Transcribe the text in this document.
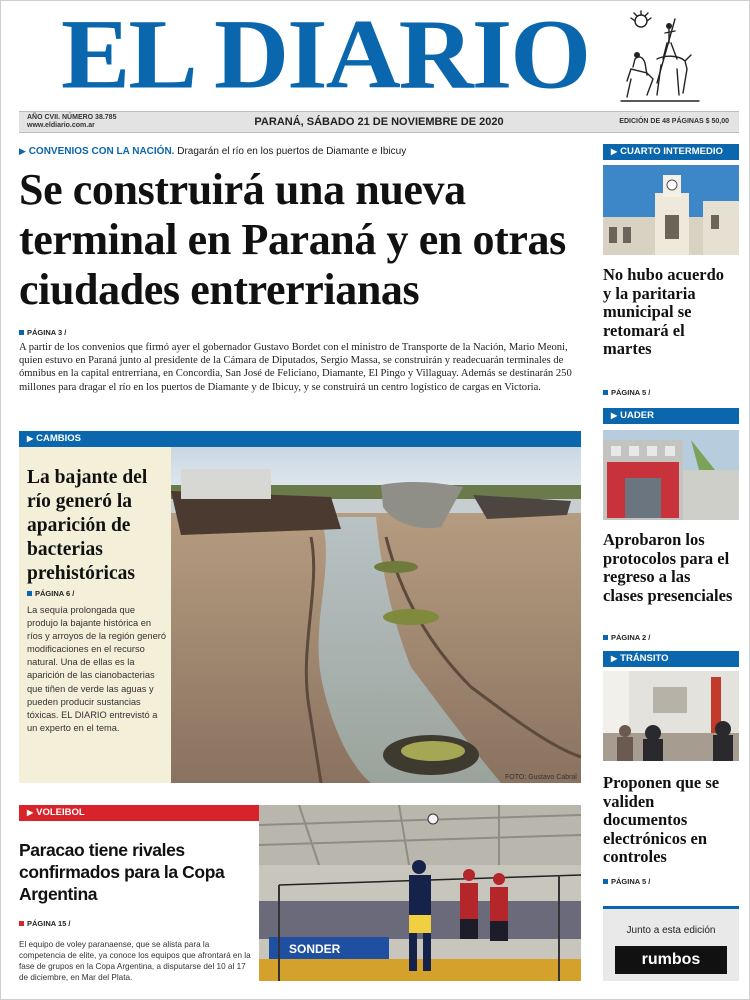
EL DIARIO
AÑO CVII. NÚMERO 38.785
www.eldiario.com.ar	PARANÁ, SÁBADO 21 DE NOVIEMBRE DE 2020	EDICIÓN DE 48 PÁGINAS $ 50,00
▶ CONVENIOS CON LA NACIÓN. Dragarán el río en los puertos de Diamante e Ibicuy
Se construirá una nueva terminal en Paraná y en otras ciudades entrerrianas
PÁGINA 3 /

A partir de los convenios que firmó ayer el gobernador Gustavo Bordet con el ministro de Transporte de la Nación, Mario Meoni, quien estuvo en Paraná junto al presidente de la Cámara de Diputados, Sergio Massa, se construirán y readecuarán terminales de ómnibus en la capital entrerriana, en Concordia, San José de Feliciano, Diamante, El Pingo y Villaguay. Además se destinarán 250 millones para dragar el río en los puertos de Diamante y de Ibicuy, y se construirá un centro logístico de cargas en Victoria.

▶ CAMBIOS
La bajante del río generó la aparición de bacterias prehistóricas
PÁGINA 6 /

La sequía prolongada que produjo la bajante histórica en ríos y arroyos de la región generó modificaciones en el recurso natural. Una de ellas es la aparición de las cianobacterias que tiñen de verde las aguas y pueden producir sustancias tóxicas. EL DIARIO entrevistó a un experto en el tema.

FOTO: Gustavo Cabral
▶ VOLEIBOL
Paracao tiene rivales confirmados para la Copa Argentina
PÁGINA 15 /

El equipo de voley paranaense, que se alista para la competencia de elite, ya conoce los equipos que afrontará en la fase de grupos en la Copa Argentina, a disputarse del 10 al 17 de diciembre, en Mar del Plata.

SONDER
▶ CUARTO INTERMEDIO
No hubo acuerdo y la paritaria municipal se retomará el martes
PÁGINA 5 /
▶ UADER
Aprobaron los protocolos para el regreso a las clases presenciales
PÁGINA 2 /
▶ TRÁNSITO
Proponen que se validen documentos electrónicos en controles
PÁGINA 5 /
Junto a esta edición
rumbos
